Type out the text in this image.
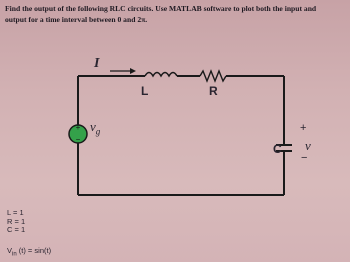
Find the output of the following RLC circuits. Use MATLAB software to plot both the input and
output for a time interval between 0 and 2π.

+
−
I
$v_g$
L	R
C
+
v
−
L = 1
R = 1
C = 1
$V_{in}$ (t) = sin(t)
